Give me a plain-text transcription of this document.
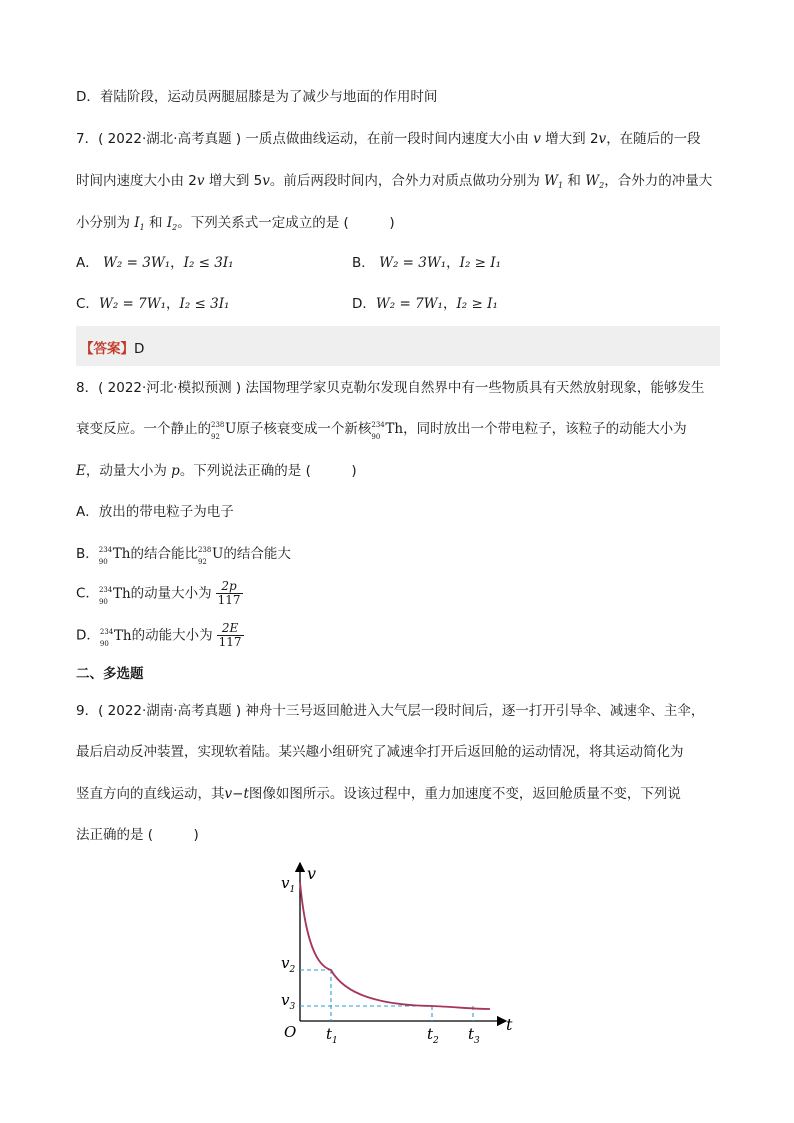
D．着陆阶段，运动员两腿屈膝是为了减少与地面的作用时间
7．( 2022·湖北·高考真题 ) 一质点做曲线运动，在前一段时间内速度大小由 v 增大到 2v，在随后的一段
时间内速度大小由 2v 增大到 5v。前后两段时间内，合外力对质点做功分别为 $W_1$ 和 $W_2$，合外力的冲量大
小分别为 $I_1$ 和 $I_2$。下列关系式一定成立的是 (　　　)
A． W₂ = 3W₁，I₂ ≤ 3I₁	B． W₂ = 3W₁，I₂ ≥ I₁
C．W₂ = 7W₁，I₂ ≤ 3I₁	D．W₂ = 7W₁，I₂ ≥ I₁
【答案】D
8．( 2022·河北·模拟预测 ) 法国物理学家贝克勒尔发现自然界中有一些物质具有天然放射现象，能够发生
衰变反应。一个静止的 238
92 U原子核衰变成一个新核 234
90 Th，同时放出一个带电粒子，该粒子的动能大小为
E，动量大小为 p。下列说法正确的是 (　　　)
A．放出的带电粒子为电子
B． 234
90 Th的结合能比 238
92 U的结合能大
C． 234
90 Th的动量大小为 $\frac{2p}{117}$
D． 234
90 Th的动能大小为 $\frac{2E}{117}$
二、多选题
9．( 2022·湖南·高考真题 ) 神舟十三号返回舱进入大气层一段时间后，逐一打开引导伞、减速伞、主伞，
最后启动反冲装置，实现软着陆。某兴趣小组研究了减速伞打开后返回舱的运动情况，将其运动简化为
竖直方向的直线运动，其v−t图像如图所示。设该过程中，重力加速度不变，返回舱质量不变，下列说
法正确的是 (　　　)
v
t
O
$v_1$
$v_2$
$v_3$
$t_1$	$t_2$ $t_3$
